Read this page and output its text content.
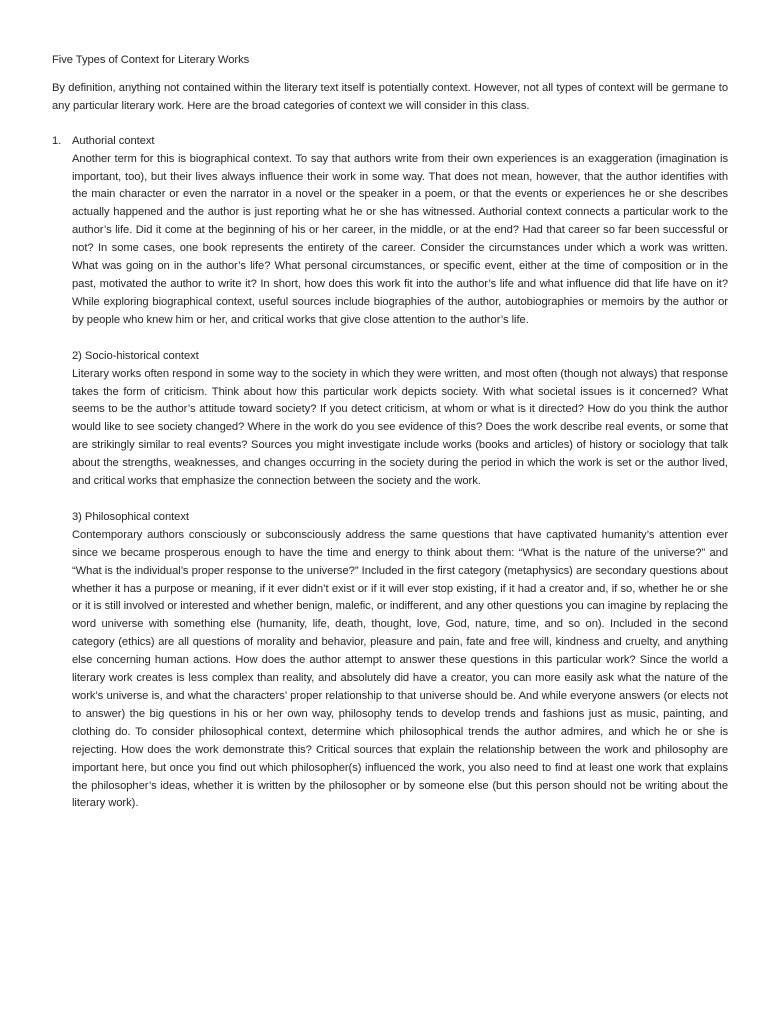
Five Types of Context for Literary Works

By definition, anything not contained within the literary text itself is potentially context. However, not all types of context will be germane to any particular literary work. Here are the broad categories of context we will consider in this class.

1. Authorial context

Another term for this is biographical context. To say that authors write from their own experiences is an exaggeration (imagination is important, too), but their lives always influence their work in some way. That does not mean, however, that the author identifies with the main character or even the narrator in a novel or the speaker in a poem, or that the events or experiences he or she describes actually happened and the author is just reporting what he or she has witnessed. Authorial context connects a particular work to the author’s life. Did it come at the beginning of his or her career, in the middle, or at the end? Had that career so far been successful or not? In some cases, one book represents the entirety of the career. Consider the circumstances under which a work was written. What was going on in the author’s life? What personal circumstances, or specific event, either at the time of composition or in the past, motivated the author to write it? In short, how does this work fit into the author’s life and what influence did that life have on it? While exploring biographical context, useful sources include biographies of the author, autobiographies or memoirs by the author or by people who knew him or her, and critical works that give close attention to the author’s life.

2) Socio-historical context

Literary works often respond in some way to the society in which they were written, and most often (though not always) that response takes the form of criticism. Think about how this particular work depicts society. With what societal issues is it concerned? What seems to be the author’s attitude toward society? If you detect criticism, at whom or what is it directed? How do you think the author would like to see society changed? Where in the work do you see evidence of this? Does the work describe real events, or some that are strikingly similar to real events? Sources you might investigate include works (books and articles) of history or sociology that talk about the strengths, weaknesses, and changes occurring in the society during the period in which the work is set or the author lived, and critical works that emphasize the connection between the society and the work.

3) Philosophical context

Contemporary authors consciously or subconsciously address the same questions that have captivated humanity’s attention ever since we became prosperous enough to have the time and energy to think about them: “What is the nature of the universe?” and “What is the individual’s proper response to the universe?” Included in the first category (metaphysics) are secondary questions about whether it has a purpose or meaning, if it ever didn’t exist or if it will ever stop existing, if it had a creator and, if so, whether he or she or it is still involved or interested and whether benign, malefic, or indifferent, and any other questions you can imagine by replacing the word universe with something else (humanity, life, death, thought, love, God, nature, time, and so on). Included in the second category (ethics) are all questions of morality and behavior, pleasure and pain, fate and free will, kindness and cruelty, and anything else concerning human actions. How does the author attempt to answer these questions in this particular work? Since the world a literary work creates is less complex than reality, and absolutely did have a creator, you can more easily ask what the nature of the work’s universe is, and what the characters’ proper relationship to that universe should be. And while everyone answers (or elects not to answer) the big questions in his or her own way, philosophy tends to develop trends and fashions just as music, painting, and clothing do. To consider philosophical context, determine which philosophical trends the author admires, and which he or she is rejecting. How does the work demonstrate this? Critical sources that explain the relationship between the work and philosophy are important here, but once you find out which philosopher(s) influenced the work, you also need to find at least one work that explains the philosopher’s ideas, whether it is written by the philosopher or by someone else (but this person should not be writing about the literary work).
